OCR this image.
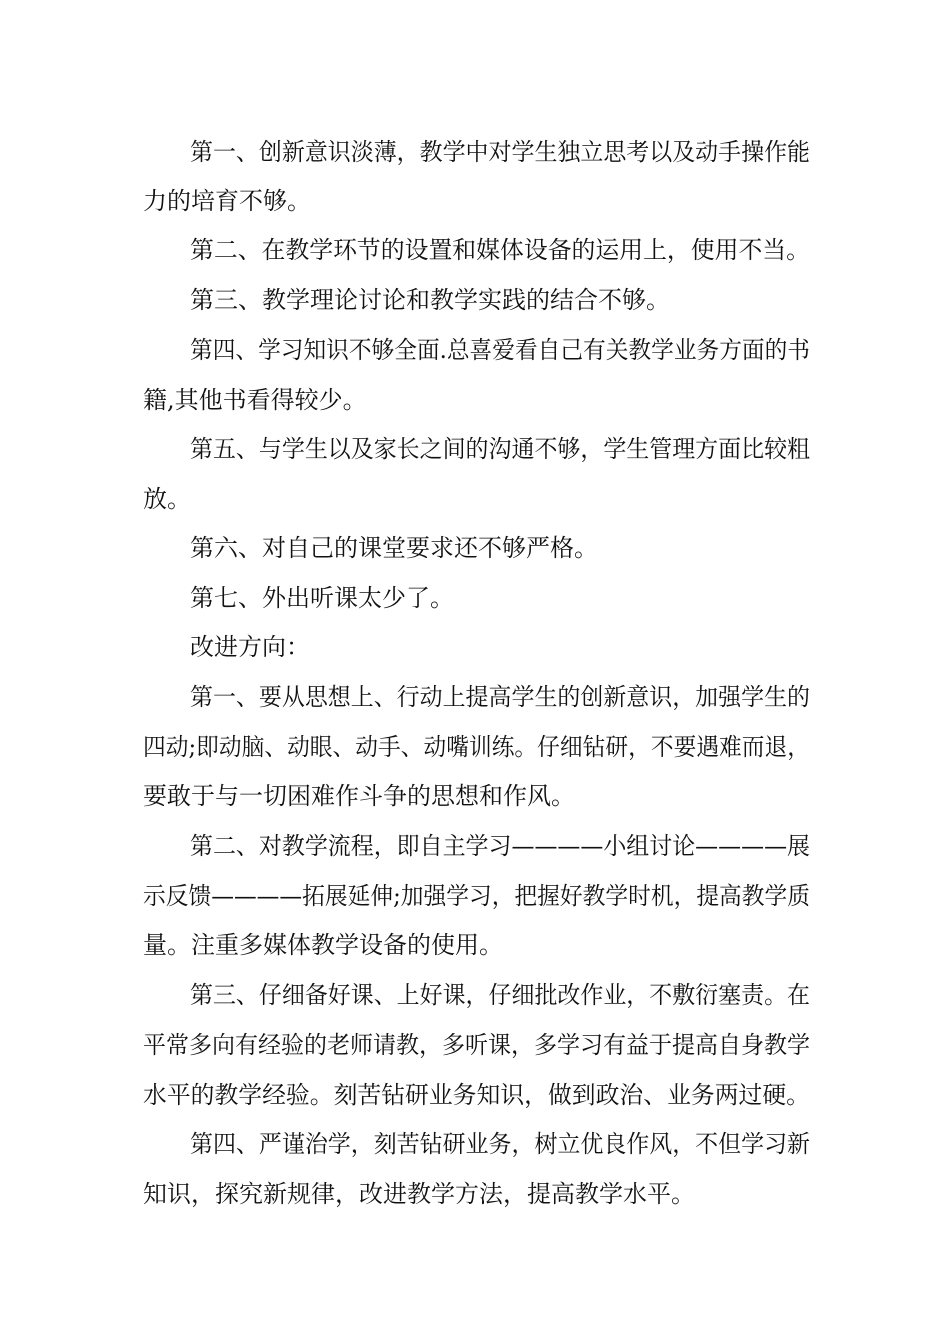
第一、创新意识淡薄，教学中对学生独立思考以及动手操作能
力的培育不够。
第二、在教学环节的设置和媒体设备的运用上，使用不当。
第三、教学理论讨论和教学实践的结合不够。
第四、学习知识不够全面.总喜爱看自己有关教学业务方面的书
籍,其他书看得较少。
第五、与学生以及家长之间的沟通不够，学生管理方面比较粗
放。
第六、对自己的课堂要求还不够严格。
第七、外出听课太少了。
改进方向：
第一、要从思想上、行动上提高学生的创新意识，加强学生的
四动;即动脑、动眼、动手、动嘴训练。仔细钻研，不要遇难而退，
要敢于与一切困难作斗争的思想和作风。
第二、对教学流程，即自主学习————小组讨论————展
示反馈————拓展延伸;加强学习，把握好教学时机，提高教学质
量。注重多媒体教学设备的使用。
第三、仔细备好课、上好课，仔细批改作业，不敷衍塞责。在
平常多向有经验的老师请教，多听课，多学习有益于提高自身教学
水平的教学经验。刻苦钻研业务知识，做到政治、业务两过硬。
第四、严谨治学，刻苦钻研业务，树立优良作风，不但学习新
知识，探究新规律，改进教学方法，提高教学水平。
